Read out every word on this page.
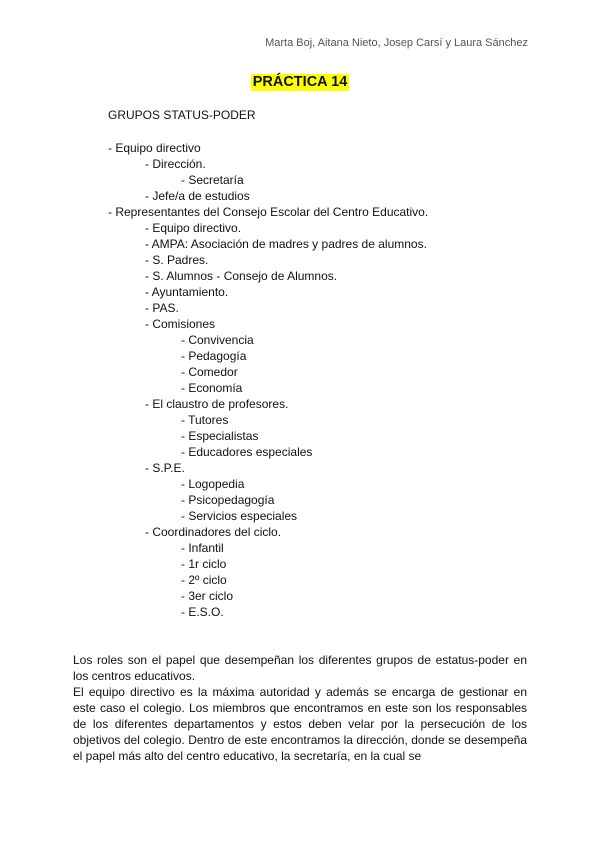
Marta Boj, Aitana Nieto, Josep Carsí y Laura Sánchez
PRÁCTICA 14
GRUPOS STATUS-PODER
- Equipo directivo
- Dirección.
- Secretaría
- Jefe/a de estudios
- Representantes del Consejo Escolar del Centro Educativo.
- Equipo directivo.
- AMPA: Asociación de madres y padres de alumnos.
- S. Padres.
- S. Alumnos - Consejo de Alumnos.
- Ayuntamiento.
- PAS.
- Comisiones
- Convivencia
- Pedagogía
- Comedor
- Economía
- El claustro de profesores.
- Tutores
- Especialistas
- Educadores especiales
- S.P.E.
- Logopedia
- Psicopedagogía
- Servicios especiales
- Coordinadores del ciclo.
- Infantil
- 1r ciclo
- 2º ciclo
- 3er ciclo
- E.S.O.

Los roles son el papel que desempeñan los diferentes grupos de estatus-poder en los centros educativos.

El equipo directivo es la máxima autoridad y además se encarga de gestionar en este caso el colegio. Los miembros que encontramos en este son los responsables de los diferentes departamentos y estos deben velar por la persecución de los objetivos del colegio. Dentro de este encontramos la dirección, donde se desempeña el papel más alto del centro educativo, la secretaría, en la cual se
